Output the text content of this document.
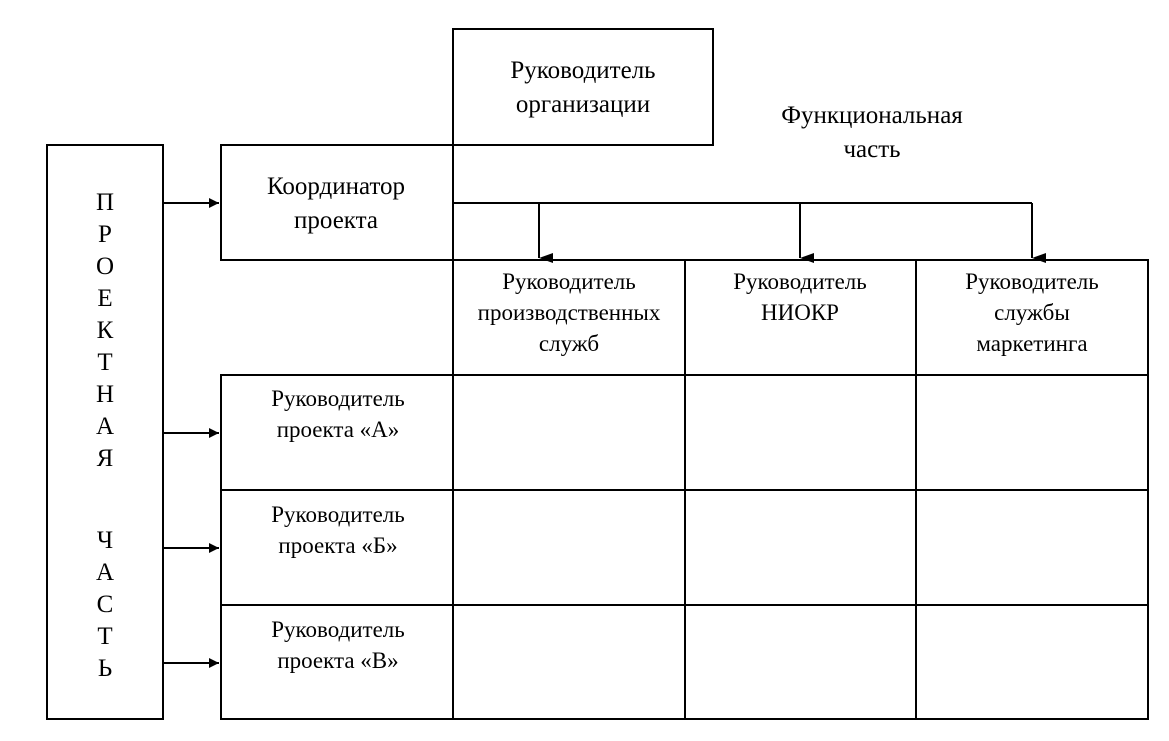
Руководитель организации	Функциональная часть
Координатор проекта
Руководитель производственных служб
Руководитель НИОКР
Руководитель службы маркетинга
Руководитель проекта «А»
Руководитель проекта «Б»
Руководитель проекта «В»
П
Р
О
Е
К
Т
Н
А
Я
Ч
А
С
Т
Ь
